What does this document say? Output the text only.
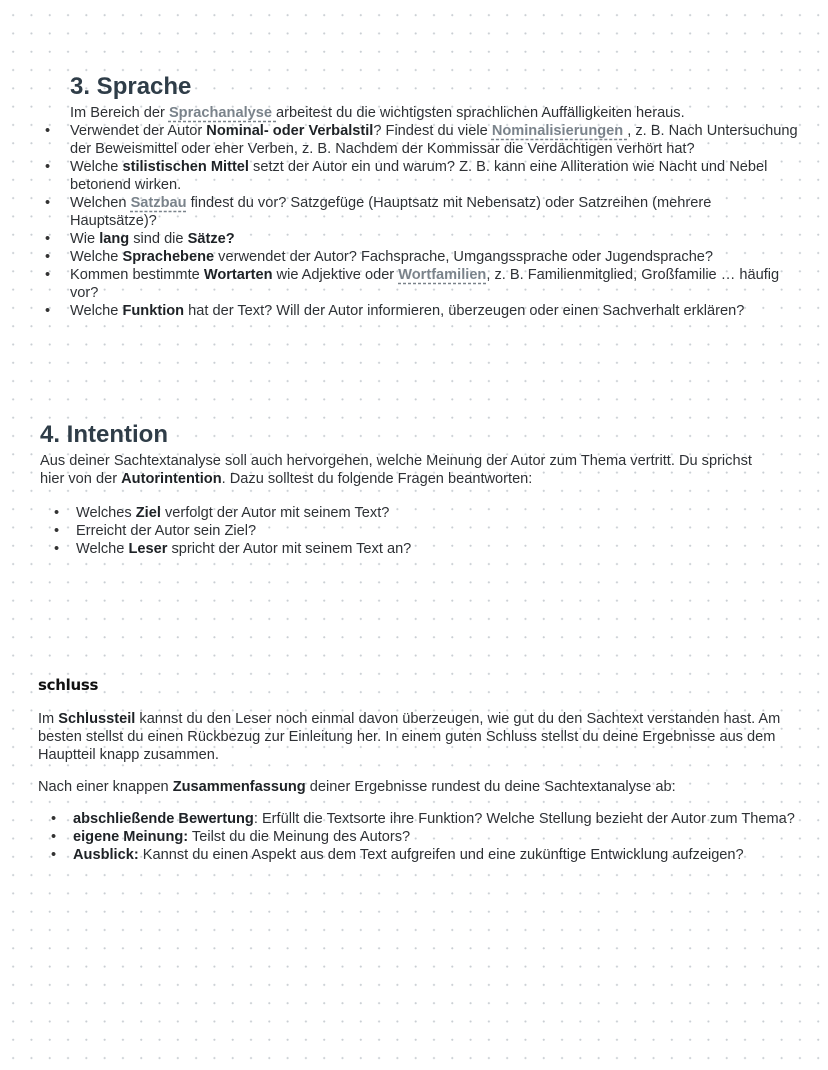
3. Sprache

Im Bereich der Sprachanalyse arbeitest du die wichtigsten sprachlichen Auffälligkeiten heraus.

• Verwendet der Autor Nominal- oder Verbalstil? Findest du viele Nominalisierungen , z. B. Nach Untersuchung der Beweismittel oder eher Verben, z. B. Nachdem der Kommissar die Verdächtigen verhört hat?
• Welche stilistischen Mittel setzt der Autor ein und warum? Z. B. kann eine Alliteration wie Nacht und Nebel betonend wirken.
• Welchen Satzbau findest du vor? Satzgefüge (Hauptsatz mit Nebensatz) oder Satzreihen (mehrere Hauptsätze)?
• Wie lang sind die Sätze?
• Welche Sprachebene verwendet der Autor? Fachsprache, Umgangssprache oder Jugendsprache?
• Kommen bestimmte Wortarten wie Adjektive oder Wortfamilien, z. B. Familienmitglied, Großfamilie … häufig vor?
• Welche Funktion hat der Text? Will der Autor informieren, überzeugen oder einen Sachverhalt erklären?
4. Intention

Aus deiner Sachtextanalyse soll auch hervorgehen, welche Meinung der Autor zum Thema vertritt. Du sprichst hier von der Autorintention. Dazu solltest du folgende Fragen beantworten:

• Welches Ziel verfolgt der Autor mit seinem Text?
• Erreicht der Autor sein Ziel?
• Welche Leser spricht der Autor mit seinem Text an?
schluss

Im Schlussteil kannst du den Leser noch einmal davon überzeugen, wie gut du den Sachtext verstanden hast. Am besten stellst du einen Rückbezug zur Einleitung her. In einem guten Schluss stellst du deine Ergebnisse aus dem Hauptteil knapp zusammen.

Nach einer knappen Zusammenfassung deiner Ergebnisse rundest du deine Sachtextanalyse ab:

• abschließende Bewertung: Erfüllt die Textsorte ihre Funktion? Welche Stellung bezieht der Autor zum Thema?
• eigene Meinung: Teilst du die Meinung des Autors?
• Ausblick: Kannst du einen Aspekt aus dem Text aufgreifen und eine zukünftige Entwicklung aufzeigen?
